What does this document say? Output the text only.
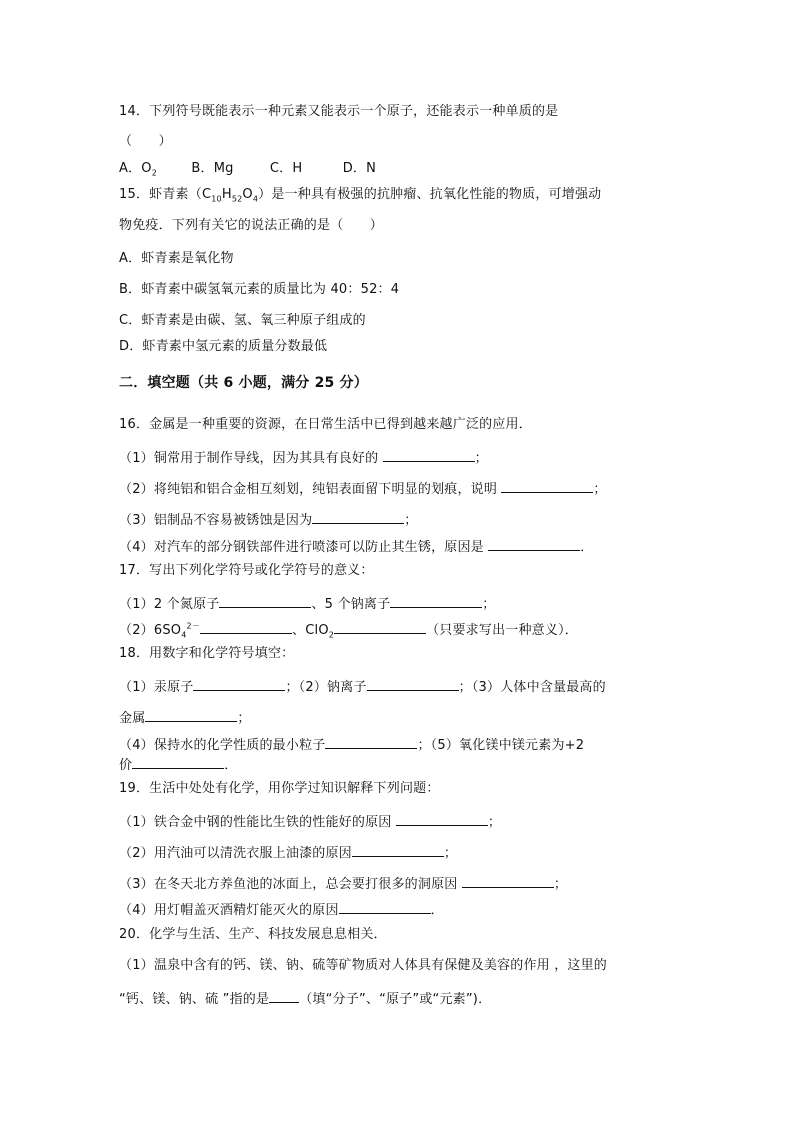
14．下列符号既能表示一种元素又能表示一个原子，还能表示一种单质的是
（　　）
A．$O_2$	B．Mg	C．H	D．N
15．虾青素$(C_{10}H_{52}O_4)$是一种具有极强的抗肿瘤、抗氧化性能的物质，可增强动
物免疫．下列有关它的说法正确的是（　　）
A．虾青素是氧化物
B．虾青素中碳氢氧元素的质量比为 40：52：4
C．虾青素是由碳、氢、氧三种原子组成的
D．虾青素中氢元素的质量分数最低
二．填空题（共 6 小题，满分 25 分）
16．金属是一种重要的资源，在日常生活中已得到越来越广泛的应用．
（1）铜常用于制作导线，因为其具有良好的	；
（2）将纯铝和铝合金相互刻划，纯铝表面留下明显的划痕，说明	；
（3）铝制品不容易被锈蚀是因为	；
（4）对汽车的部分钢铁部件进行喷漆可以防止其生锈，原因是	．
17．写出下列化学符号或化学符号的意义：
（1）2 个氮原子	、5 个钠离子	；
$(2)6SO_4^{2-}$	、ClO$_2$	（只要求写出一种意义）．
18．用数字和化学符号填空：
（1）汞原子	；（2）钠离子	；（3）人体中含量最高的
金属	；
（4）保持水的化学性质的最小粒子	；（5）氧化镁中镁元素为+2
价	．
19．生活中处处有化学，用你学过知识解释下列问题：
（1）铁合金中钢的性能比生铁的性能好的原因	；
（2）用汽油可以清洗衣服上油漆的原因	；
（3）在冬天北方养鱼池的冰面上，总会要打很多的洞原因	；
（4）用灯帽盖灭酒精灯能灭火的原因	．
20．化学与生活、生产、科技发展息息相关．
（1）温泉中含有的钙、镁、钠、硫等矿物质对人体具有保健及美容的作用 ，这里的
“钙、镁、钠、硫 ”指的是 （填“分子”、“原子”或“元素”)．
